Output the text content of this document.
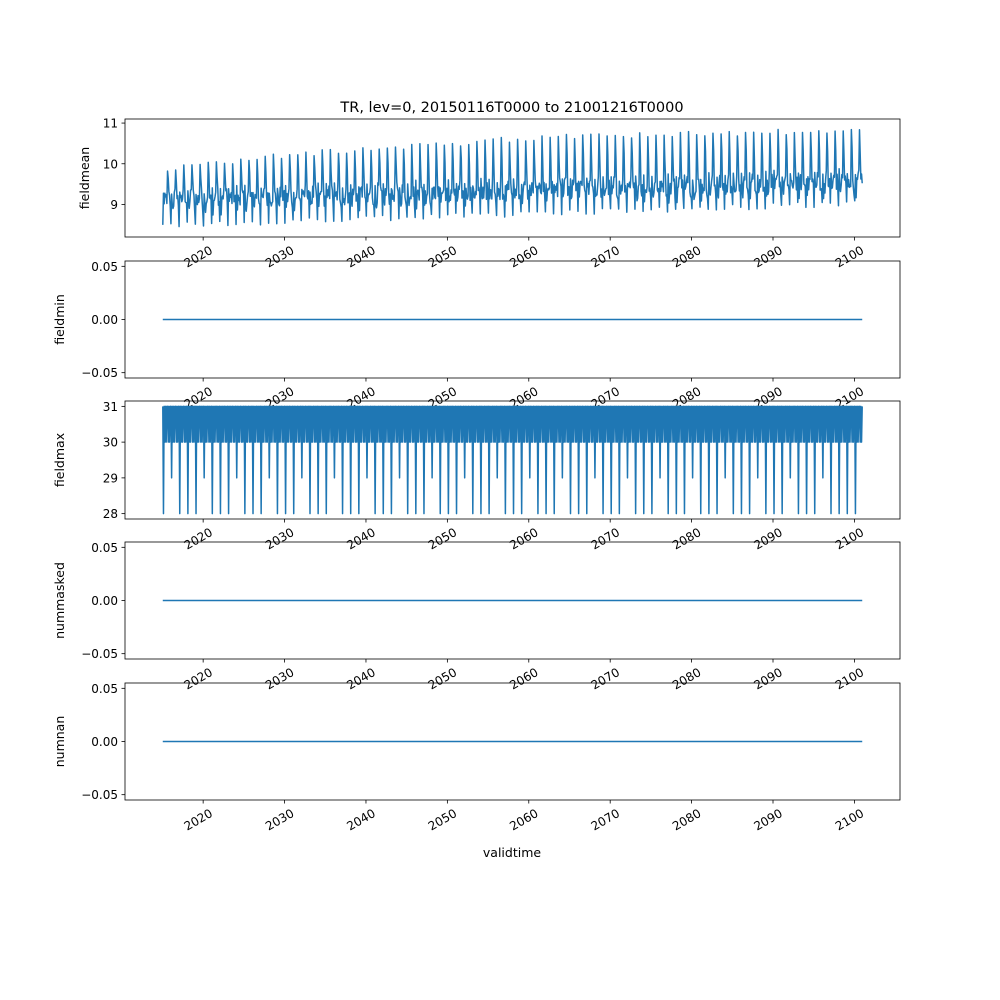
TR, lev=0, 20150116T0000 to 21001216T0000
validtime
9
10
11
fieldmean
2020	2030	2040	2050	2060	2070	2080	2090	2100
−0.05
0.00
0.05
fieldmin
2020	2030	2040	2050	2060	2070	2080	2090	2100
28
29
30
31
fieldmax
2020	2030	2040	2050	2060	2070	2080	2090	2100
−0.05
0.00
0.05
nummasked
2020	2030	2040	2050	2060	2070	2080	2090	2100
−0.05
0.00
0.05
numnan
2020	2030	2040	2050	2060	2070	2080	2090	2100
